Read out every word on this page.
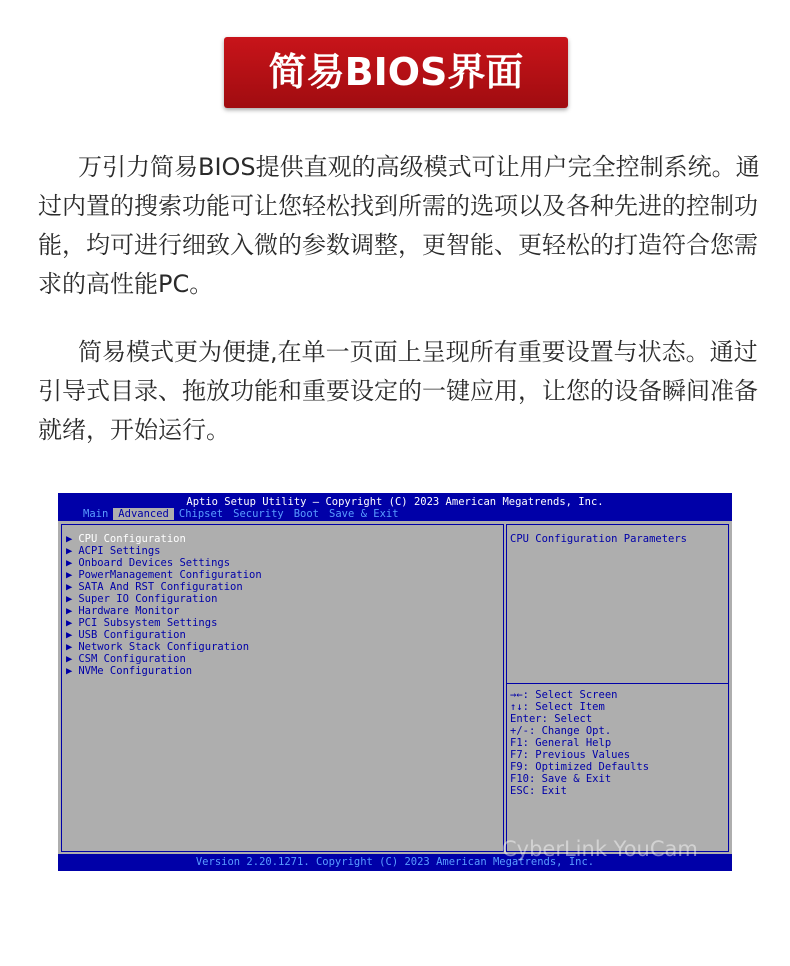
简易BIOS界面

万引力简易BIOS提供直观的高级模式可让用户完全控制系统。通过内置的搜索功能可让您轻松找到所需的选项以及各种先进的控制功能，均可进行细致入微的参数调整，更智能、更轻松的打造符合您需求的高性能PC。

简易模式更为便捷,在单一页面上呈现所有重要设置与状态。通过引导式目录、拖放功能和重要设定的一键应用，让您的设备瞬间准备就绪，开始运行。

Aptio Setup Utility – Copyright (C) 2023 American Megatrends, Inc.
Main Advanced Chipset Security Boot Save & Exit
▶ CPU Configuration
▶ ACPI Settings
▶ Onboard Devices Settings
▶ PowerManagement Configuration
▶ SATA And RST Configuration
▶ Super IO Configuration
▶ Hardware Monitor
▶ PCI Subsystem Settings
▶ USB Configuration
▶ Network Stack Configuration
▶ CSM Configuration
▶ NVMe Configuration
CPU Configuration Parameters
→←: Select Screen
↑↓: Select Item
Enter: Select
+/-: Change Opt.
F1: General Help
F7: Previous Values
F9: Optimized Defaults
F10: Save & Exit
ESC: Exit
Version 2.20.1271. Copyright (C) 2023 American Megatrends, Inc.
CyberLink YouCam
